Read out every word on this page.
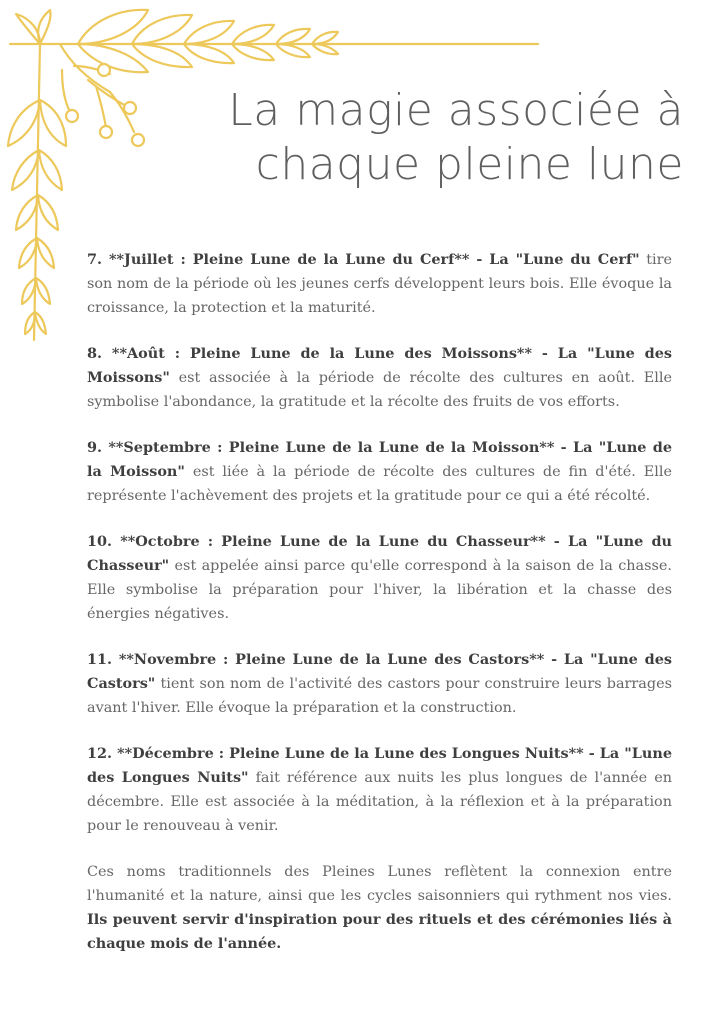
La magie associée à
chaque pleine lune

7. **Juillet : Pleine Lune de la Lune du Cerf** - La "Lune du Cerf" tire son nom de la période où les jeunes cerfs développent leurs bois. Elle évoque la croissance, la protection et la maturité.

8. **Août : Pleine Lune de la Lune des Moissons** - La "Lune des Moissons" est associée à la période de récolte des cultures en août. Elle symbolise l'abondance, la gratitude et la récolte des fruits de vos efforts.

9. **Septembre : Pleine Lune de la Lune de la Moisson** - La "Lune de la Moisson" est liée à la période de récolte des cultures de fin d'été. Elle représente l'achèvement des projets et la gratitude pour ce qui a été récolté.

10. **Octobre : Pleine Lune de la Lune du Chasseur** - La "Lune du Chasseur" est appelée ainsi parce qu'elle correspond à la saison de la chasse. Elle symbolise la préparation pour l'hiver, la libération et la chasse des énergies négatives.

11. **Novembre : Pleine Lune de la Lune des Castors** - La "Lune des Castors" tient son nom de l'activité des castors pour construire leurs barrages avant l'hiver. Elle évoque la préparation et la construction.

12. **Décembre : Pleine Lune de la Lune des Longues Nuits** - La "Lune des Longues Nuits" fait référence aux nuits les plus longues de l'année en décembre. Elle est associée à la méditation, à la réflexion et à la préparation pour le renouveau à venir.

Ces noms traditionnels des Pleines Lunes reflètent la connexion entre l'humanité et la nature, ainsi que les cycles saisonniers qui rythment nos vies. Ils peuvent servir d'inspiration pour des rituels et des cérémonies liés à chaque mois de l'année.
